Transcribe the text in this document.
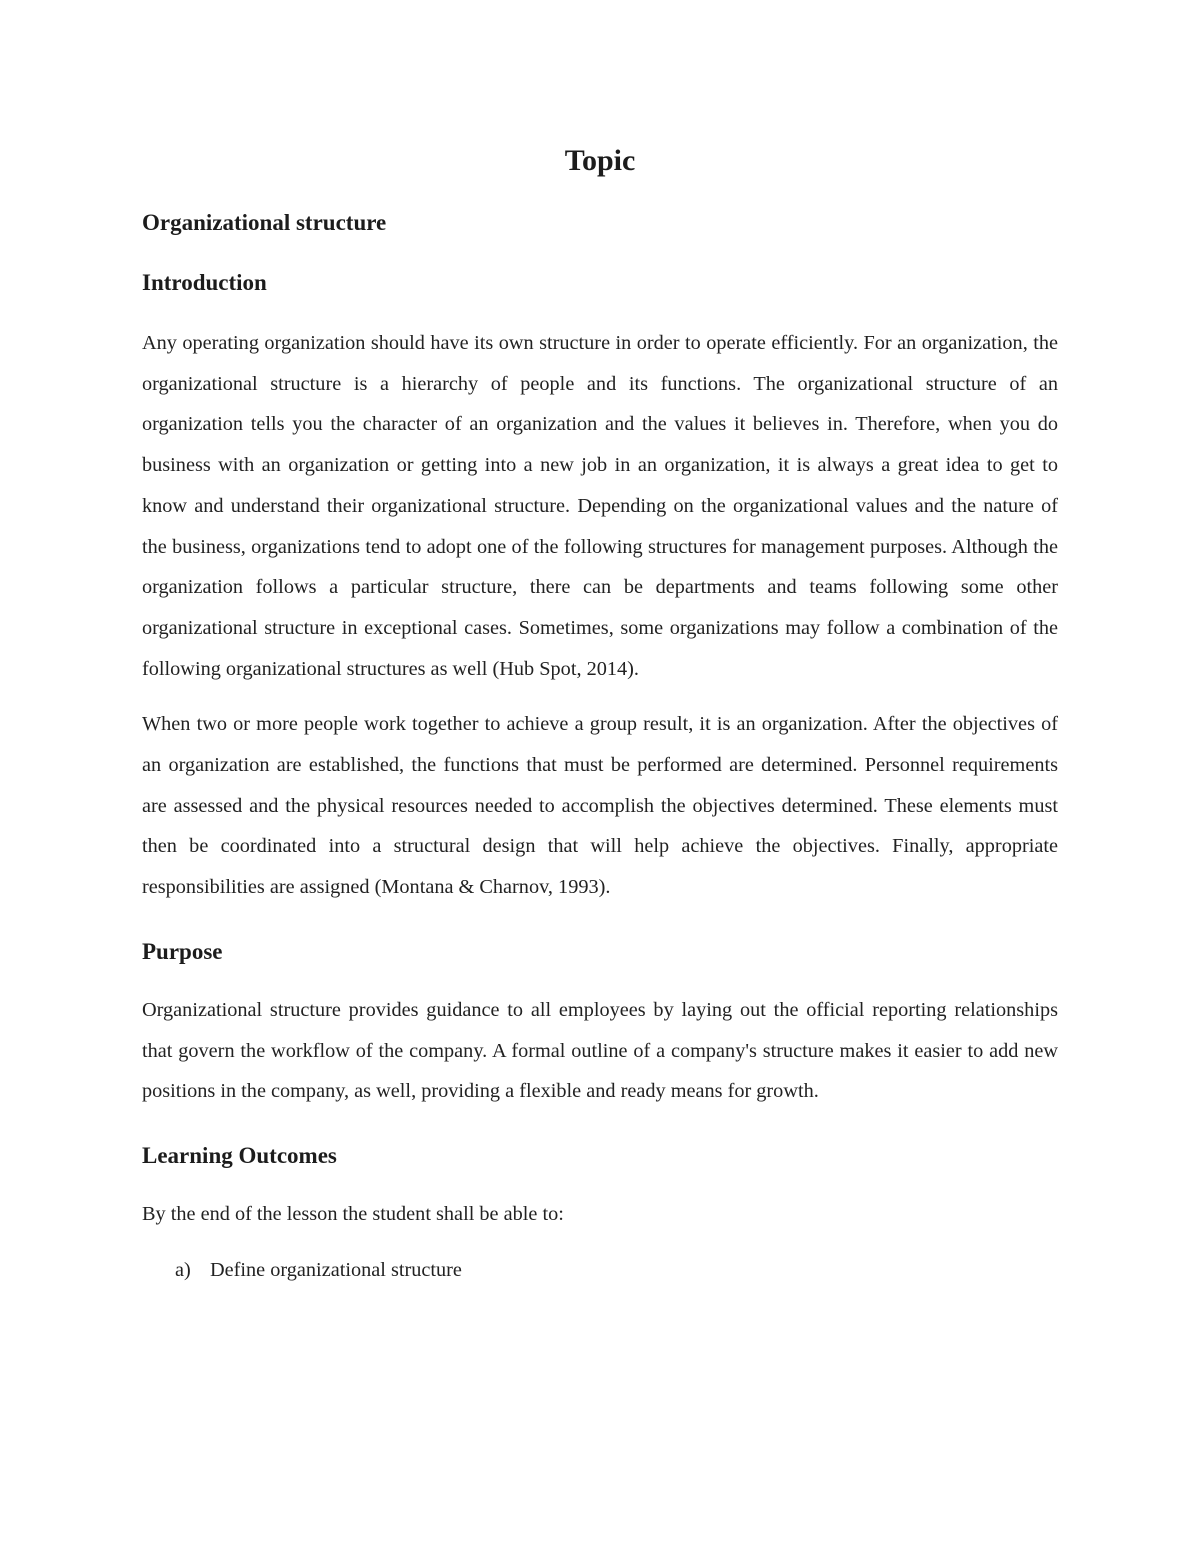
Topic
Organizational structure
Introduction

Any operating organization should have its own structure in order to operate efficiently. For an organization, the organizational structure is a hierarchy of people and its functions. The organizational structure of an organization tells you the character of an organization and the values it believes in. Therefore, when you do business with an organization or getting into a new job in an organization, it is always a great idea to get to know and understand their organizational structure. Depending on the organizational values and the nature of the business, organizations tend to adopt one of the following structures for management purposes. Although the organization follows a particular structure, there can be departments and teams following some other organizational structure in exceptional cases. Sometimes, some organizations may follow a combination of the following organizational structures as well (Hub Spot, 2014).

When two or more people work together to achieve a group result, it is an organization. After the objectives of an organization are established, the functions that must be performed are determined. Personnel requirements are assessed and the physical resources needed to accomplish the objectives determined. These elements must then be coordinated into a structural design that will help achieve the objectives. Finally, appropriate responsibilities are assigned (Montana & Charnov, 1993).

Purpose

Organizational structure provides guidance to all employees by laying out the official reporting relationships that govern the workflow of the company. A formal outline of a company's structure makes it easier to add new positions in the company, as well, providing a flexible and ready means for growth.

Learning Outcomes

By the end of the lesson the student shall be able to:

a) Define organizational structure
